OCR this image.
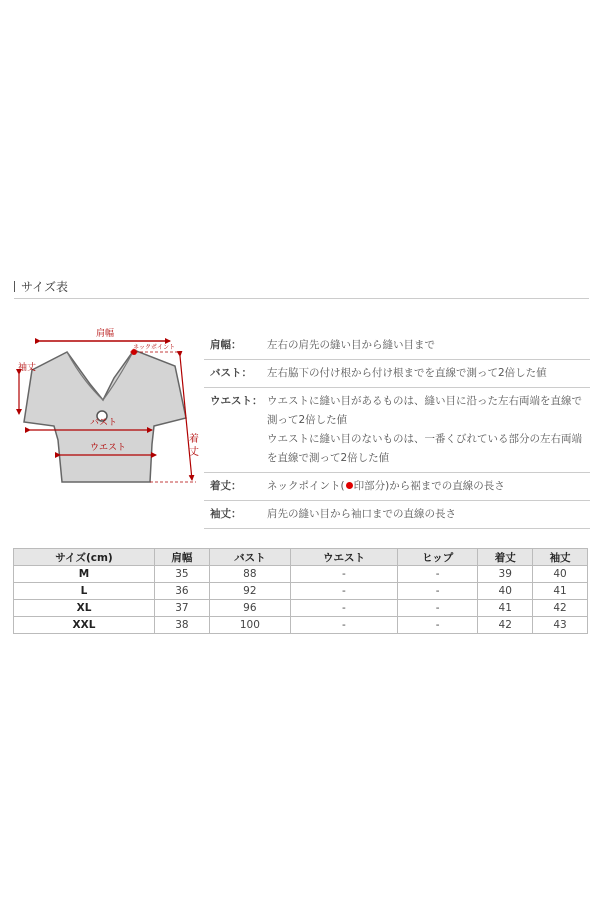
サイズ表
肩幅
ネックポイント
袖丈
バスト
ウエスト
着
丈
肩幅：	左右の肩先の縫い目から縫い目まで
バスト：	左右脇下の付け根から付け根までを直線で測って2倍した値
ウエスト： ウエストに縫い目があるものは、縫い目に沿った左右両端を直線で
測って2倍した値
ウエストに縫い目のないものは、一番くびれている部分の左右両端
を直線で測って2倍した値
着丈：	ネックポイント( 印部分)から裾までの直線の長さ
袖丈：	肩先の縫い目から袖口までの直線の長さ
サイズ(cm)	肩幅	バスト	ウエスト	ヒップ	着丈	袖丈
M	35	88	-	-	39	40
L	36	92	-	-	40	41
XL	37	96	-	-	41	42
XXL	38	100	-	-	42	43
